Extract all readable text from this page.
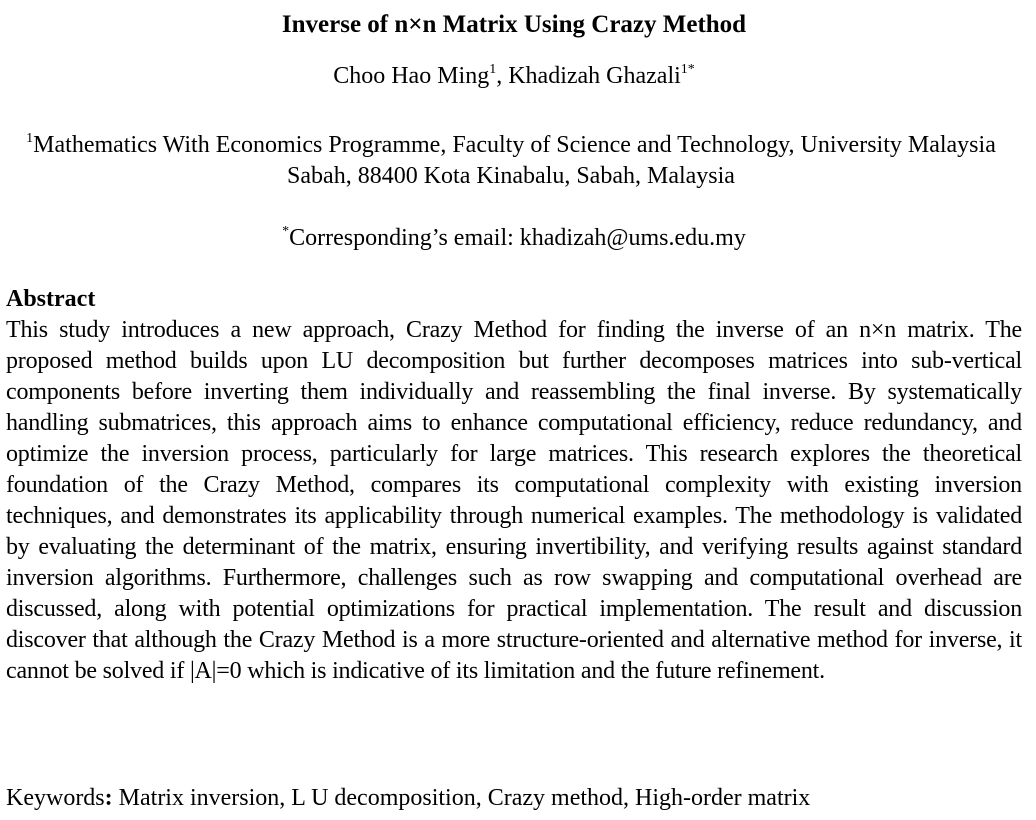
Inverse of n×n Matrix Using Crazy Method
Choo Hao Ming$^1$, Khadizah Ghazali$^{1*}$
$^1$Mathematics With Economics Programme, Faculty of Science and Technology, University Malaysia Sabah, 88400 Kota Kinabalu, Sabah, Malaysia
*Corresponding’s email: khadizah@ums.edu.my
Abstract
This study introduces a new approach, Crazy Method for finding the inverse of an n×n matrix. The proposed method builds upon LU decomposition but further decomposes matrices into sub-vertical components before inverting them individually and reassembling the final inverse. By systematically handling submatrices, this approach aims to enhance computational efficiency, reduce redundancy, and optimize the inversion process, particularly for large matrices. This research explores the theoretical foundation of the Crazy Method, compares its computational complexity with existing inversion techniques, and demonstrates its applicability through numerical examples. The methodology is validated by evaluating the determinant of the matrix, ensuring invertibility, and verifying results against standard inversion algorithms. Furthermore, challenges such as row swapping and computational overhead are discussed, along with potential optimizations for practical implementation. The result and discussion discover that although the Crazy Method is a more structure-oriented and alternative method for inverse, it cannot be solved if |A|=0 which is indicative of its limitation and the future refinement.
Keywords: Matrix inversion, L U decomposition, Crazy method, High-order matrix
